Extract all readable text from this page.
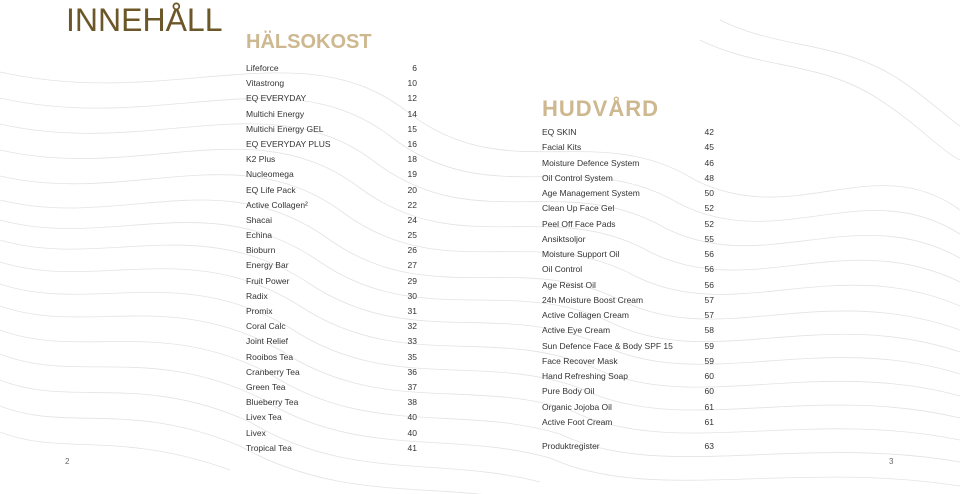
INNEHÅLL
HÄLSOKOST
Lifeforce	6
Vitastrong	10
EQ EVERYDAY	12
Multichi Energy	14
Multichi Energy GEL	15
EQ EVERYDAY PLUS	16
K2 Plus	18
Nucleomega	19
EQ Life Pack	20
Active Collagen²	22
Shacai	24
Echina	25
Bioburn	26
Energy Bar	27
Fruit Power	29
Radix	30
Promix	31
Coral Calc	32
Joint Relief	33
Rooibos Tea	35
Cranberry Tea	36
Green Tea	37
Blueberry Tea	38
Livex Tea	40
Livex	40
Tropical Tea	41
HUDVÅRD
EQ SKIN	42
Facial Kits	45
Moisture Defence System	46
Oil Control System	48
Age Management System	50
Clean Up Face Gel	52
Peel Off Face Pads	52
Ansiktsoljor	55
Moisture Support Oil	56
Oil Control	56
Age Resist Oil	56
24h Moisture Boost Cream	57
Active Collagen Cream	57
Active Eye Cream	58
Sun Defence Face & Body SPF 15	59
Face Recover Mask	59
Hand Refreshing Soap	60
Pure Body Oil	60
Organic Jojoba Oil	61
Active Foot Cream	61
Produktregister	63
2	3
